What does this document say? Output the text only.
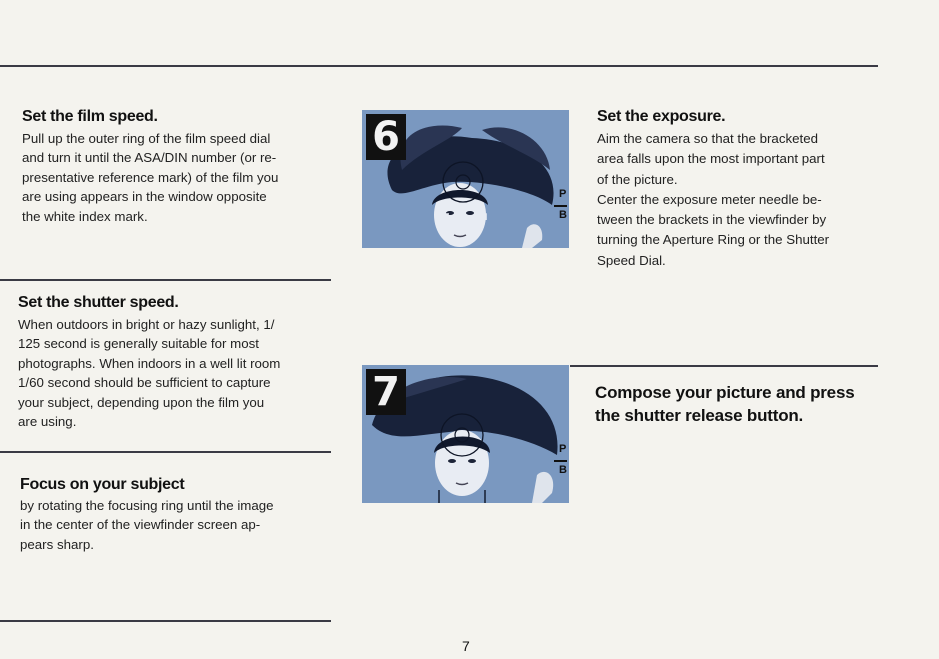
Set the film speed.
Pull up the outer ring of the film speed dial
and turn it until the ASA/DIN number (or re-
presentative reference mark) of the film you
are using appears in the window opposite
the white index mark.
Set the shutter speed.
When outdoors in bright or hazy sunlight, 1/
125 second is generally suitable for most
photographs. When indoors in a well lit room
1/60 second should be sufficient to capture
your subject, depending upon the film you
are using.
Focus on your subject
by rotating the focusing ring until the image
in the center of the viewfinder screen ap-
pears sharp.
6
P
B
7
P
B
Set the exposure.
Aim the camera so that the bracketed
area falls upon the most important part
of the picture.
Center the exposure meter needle be-
tween the brackets in the viewfinder by
turning the Aperture Ring or the Shutter
Speed Dial.
Compose your picture and press
the shutter release button.
7
